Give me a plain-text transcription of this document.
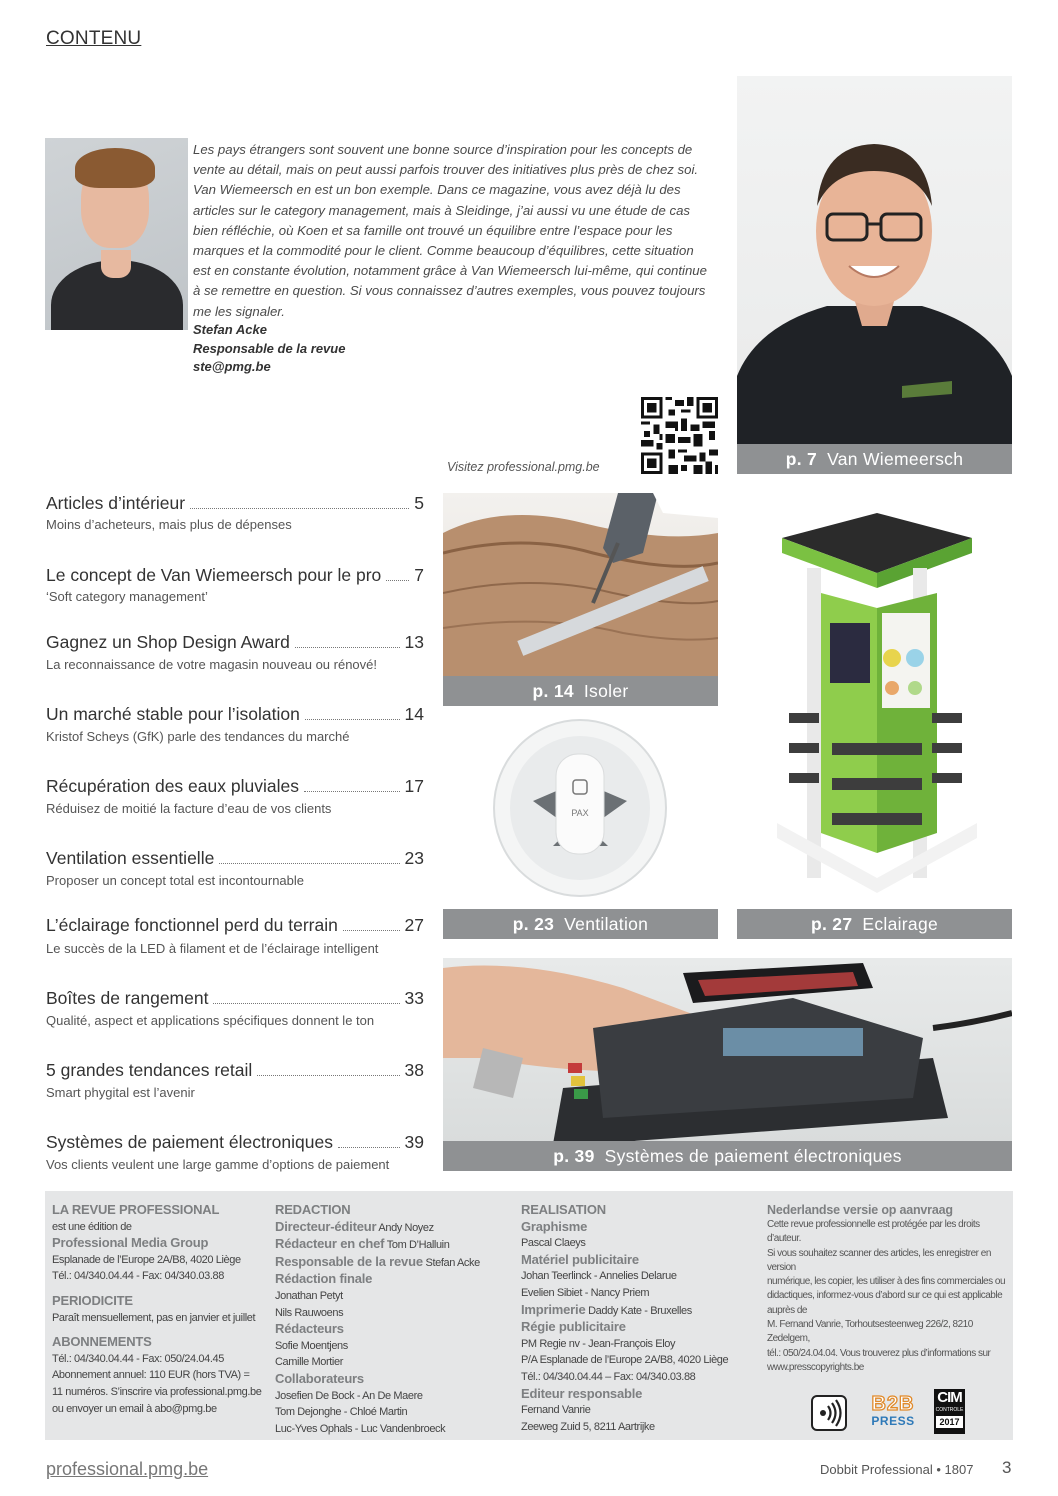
CONTENU

Les pays étrangers sont souvent une bonne source d’inspiration pour les concepts de vente au détail, mais on peut aussi parfois trouver des initiatives plus près de chez soi. Van Wiemeersch en est un bon exemple. Dans ce magazine, vous avez déjà lu des articles sur le category management, mais à Sleidinge, j’ai aussi vu une étude de cas bien réfléchie, où Koen et sa famille ont trouvé un équilibre entre l’espace pour les marques et la commodité pour le client. Comme beaucoup d’équilibres, cette situation est en constante évolution, notamment grâce à Van Wiemeersch lui-même, qui continue à se remettre en question. Si vous connaissez d’autres exemples, vous pouvez toujours me les signaler.

Stefan Acke
Responsable de la revue
ste@pmg.be
Visitez professional.pmg.be	p. 7 Van Wiemeersch
p. 14 Isoler
PAX
p. 23 Ventilation	p. 27 Eclairage
p. 39 Systèmes de paiement électroniques
Articles d’intérieur	5
Moins d’acheteurs, mais plus de dépenses
Le concept de Van Wiemeersch pour le pro 7
‘Soft category management’
Gagnez un Shop Design Award	13
La reconnaissance de votre magasin nouveau ou rénové!
Un marché stable pour l’isolation	14
Kristof Scheys (GfK) parle des tendances du marché
Récupération des eaux pluviales	17
Réduisez de moitié la facture d’eau de vos clients
Ventilation essentielle	23
Proposer un concept total est incontournable
L’éclairage fonctionnel perd du terrain	27
Le succès de la LED à filament et de l’éclairage intelligent
Boîtes de rangement	33
Qualité, aspect et applications spécifiques donnent le ton
5 grandes tendances retail	38
Smart phygital est l’avenir
Systèmes de paiement électroniques	39
Vos clients veulent une large gamme d’options de paiement
LA REVUE PROFESSIONAL
est une édition de
Professional Media Group
Esplanade de l’Europe 2A/B8, 4020 Liège
Tél.: 04/340.04.44 - Fax: 04/340.03.88
PERIODICITE
Paraît mensuellement, pas en janvier et juillet
ABONNEMENTS
Tél.: 04/340.04.44 - Fax: 050/24.04.45
Abonnement annuel: 110 EUR (hors TVA) =
11 numéros. S’inscrire via professional.pmg.be
ou envoyer un email à abo@pmg.be
REDACTION
Directeur-éditeur Andy Noyez
Rédacteur en chef Tom D’Halluin
Responsable de la revue Stefan Acke
Rédaction finale
Jonathan Petyt
Nils Rauwoens
Rédacteurs
Sofie Moentjens
Camille Mortier
Collaborateurs
Josefien De Bock - An De Maere
Tom Dejonghe - Chloé Martin
Luc-Yves Ophals - Luc Vandenbroeck
REALISATION
Graphisme
Pascal Claeys
Matériel publicitaire
Johan Teerlinck - Annelies Delarue
Evelien Sibiet - Nancy Priem
Imprimerie Daddy Kate - Bruxelles
Régie publicitaire
PM Regie nv - Jean-François Eloy
P/A Esplanade de l’Europe 2A/B8, 4020 Liège
Tél.: 04/340.04.44 – Fax: 04/340.03.88
Editeur responsable
Fernand Vanrie
Zeeweg Zuid 5, 8211 Aartrijke
Nederlandse versie op aanvraag
Cette revue professionnelle est protégée par les droits d’auteur.
Si vous souhaitez scanner des articles, les enregistrer en version
numérique, les copier, les utiliser à des fins commerciales ou
didactiques, informez-vous d’abord sur ce qui est applicable auprès de
M. Fernand Vanrie, Torhoutsesteenweg 226/2, 8210 Zedelgem,
tél.: 050/24.04.04. Vous trouverez plus d’informations sur
www.presscopyrights.be
B2B
PRESS
CIM
CONTROLE
2017
professional.pmg.be	Dobbit Professional • 1807 3
